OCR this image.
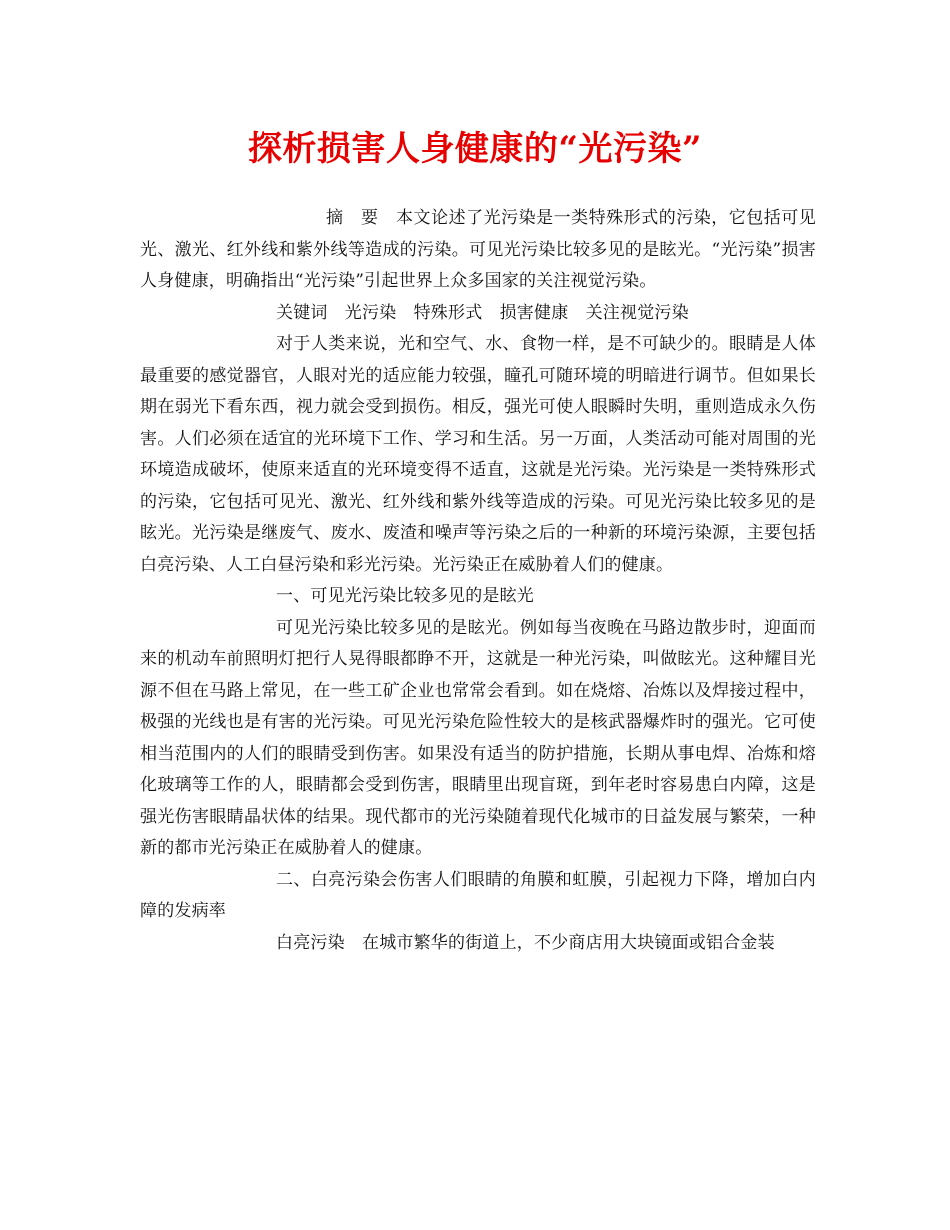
探析损害人身健康的“光污染”

摘　要　本文论述了光污染是一类特殊形式的污染，它包括可见光、激光、红外线和紫外线等造成的污染。可见光污染比较多见的是眩光。“光污染”损害人身健康，明确指出“光污染”引起世界上众多国家的关注视觉污染。

关键词　光污染　特殊形式　损害健康　关注视觉污染

对于人类来说，光和空气、水、食物一样，是不可缺少的。眼睛是人体最重要的感觉器官，人眼对光的适应能力较强，瞳孔可随环境的明暗进行调节。但如果长期在弱光下看东西，视力就会受到损伤。相反，强光可使人眼瞬时失明，重则造成永久伤害。人们必须在适宜的光环境下工作、学习和生活。另一万面，人类活动可能对周围的光环境造成破坏，使原来适直的光环境变得不适直，这就是光污染。光污染是一类特殊形式的污染，它包括可见光、激光、红外线和紫外线等造成的污染。可见光污染比较多见的是眩光。光污染是继废气、废水、废渣和噪声等污染之后的一种新的环境污染源，主要包括白亮污染、人工白昼污染和彩光污染。光污染正在威胁着人们的健康。

一、可见光污染比较多见的是眩光

可见光污染比较多见的是眩光。例如每当夜晚在马路边散步时，迎面而来的机动车前照明灯把行人晃得眼都睁不开，这就是一种光污染，叫做眩光。这种耀目光源不但在马路上常见，在一些工矿企业也常常会看到。如在烧熔、冶炼以及焊接过程中，极强的光线也是有害的光污染。可见光污染危险性较大的是核武器爆炸时的强光。它可使相当范围内的人们的眼睛受到伤害。如果没有适当的防护措施，长期从事电焊、冶炼和熔化玻璃等工作的人，眼睛都会受到伤害，眼睛里出现盲斑，到年老时容易患白内障，这是强光伤害眼睛晶状体的结果。现代都市的光污染随着现代化城市的日益发展与繁荣，一种新的都市光污染正在威胁着人的健康。

二、白亮污染会伤害人们眼睛的角膜和虹膜，引起视力下降，增加白内障的发病率

白亮污染　在城市繁华的街道上，不少商店用大块镜面或铝合金装
